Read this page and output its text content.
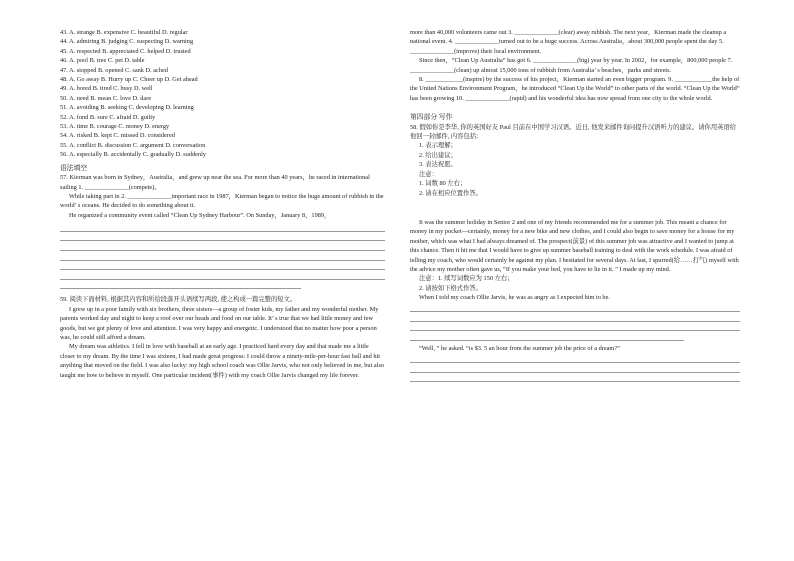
43. A. strange B. expensive C. beautiful D. regular
44. A. admiring B. judging C. suspecting D. warning
45. A. respected B. appreciated C. helped D. trusted
46. A. pool B. tree C. pet D. table
47. A. stopped B. opened C. sank D. ached
48. A. Go away B. Hurry up C. Cheer up D. Get ahead
49. A. bored B. tired C. busy D. well
50. A. need B. mean C. love D. dare
51. A. avoiding B. seeking C. developing D. learning
52. A. fond B. sure C. afraid D. guilty
53. A. time B. courage C. money D. energy
54. A. risked B. kept C. missed D. considered
55. A. conflict B. discussion C. argument D. conversation
56. A. especially B. accidentally C. gradually D. suddenly
语法填空
57. Kierman was born in Sydney，Australia，and grew up near the sea. For more than 40 years，he raced in international sailing 1. ______________(compete)。
While taking part in 2. ______________important race in 1987，Kierman began to notice the huge amount of rubbish in the world’ s oceans. He decided to do something about it.
He organized a community event called “Clean Up Sydney Harbour”. On Sunday，January 8，1989，
59. 阅读下面材料, 根据其内容和所给段落开头语续写两段, 使之构成一篇完整的短文。
I grew up in a poor family with six brothers, three sisters—a group of foster kids, my father and my wonderful mother. My parents worked day and night to keep a roof over our heads and food on our table. It’ s true that we had little money and few goods, but we got plenty of love and attention. I was very happy and energetic. I understood that no matter how poor a person was, he could still afford a dream.
My dream was athletics. I fell in love with baseball at an early age. I practiced hard every day and that made me a little closer to my dream. By the time I was sixteen, I had made great progress: I could throw a ninety-mile-per-hour fast ball and hit anything that moved on the field. I was also lucky: my high school coach was Ollie Jarvis, who not only believed in me, but also taught me how to believe in myself. One particular incident(事件) with my coach Ollie Jarvis changed my life forever.
more than 40,000 volunteers came out 3. ______________(clear) away rubbish. The next year，Kierman made the cleanup a national event. 4. ______________turned out to be a huge success. Across Australia，about 300,000 people spent the day 5. ______________(improve) their local environment.
Since then，“Clean Up Australia” has got 6. ______________(big) year by year. In 2002，for example，800,000 people 7. ______________(clean) up almost 15,000 tons of rubbish from Australia’ s beaches，parks and streets.
8. ____________(inspire) by the success of his project，Kierman started an even bigger program. 9. ____________the help of the United Nations Environment Program，he introduced “Clean Up the World” to other parts of the world. “Clean Up the World” has been growing 10. ______________(rapid) and his wonderful idea has now spread from one city to the whole world.
第四部分 写作
58. 假如你是李华, 你的英国好友 Paul 目前在中国学习汉语。近日, 他发来邮件询问提升汉语听力的建议。请你用英语给他回一封邮件, 内容包括：
1. 表示理解；
2. 给出建议；
3. 表达祝愿。
注意：
1. 词数 80 左右；
2. 请在相应位置作答。
It was the summer holiday in Senior 2 and one of my friends recommended me for a summer job. This meant a chance for money in my pocket—certainly, money for a new bike and new clothes, and I could also begin to save money for a house for my mother, which was what I had always dreamed of. The prospect(前景) of this summer job was attractive and I wanted to jump at this chance. Then it hit me that I would have to give up summer baseball training to deal with the work schedule. I was afraid of telling my coach, who would certainly be against my plan. I hesitated for several days. At last, I spurred(给……打气) myself with the advice my mother often gave us, “If you make your bed, you have to lie in it. ” I made up my mind.
注意：1. 续写词数应为 150 左右；
2. 请按如下格式作答。
When I told my coach Ollie Jarvis, he was as angry as I expected him to be.
“Well, ” he asked. “is $3. 5 an hour from the summer job the price of a dream?”
